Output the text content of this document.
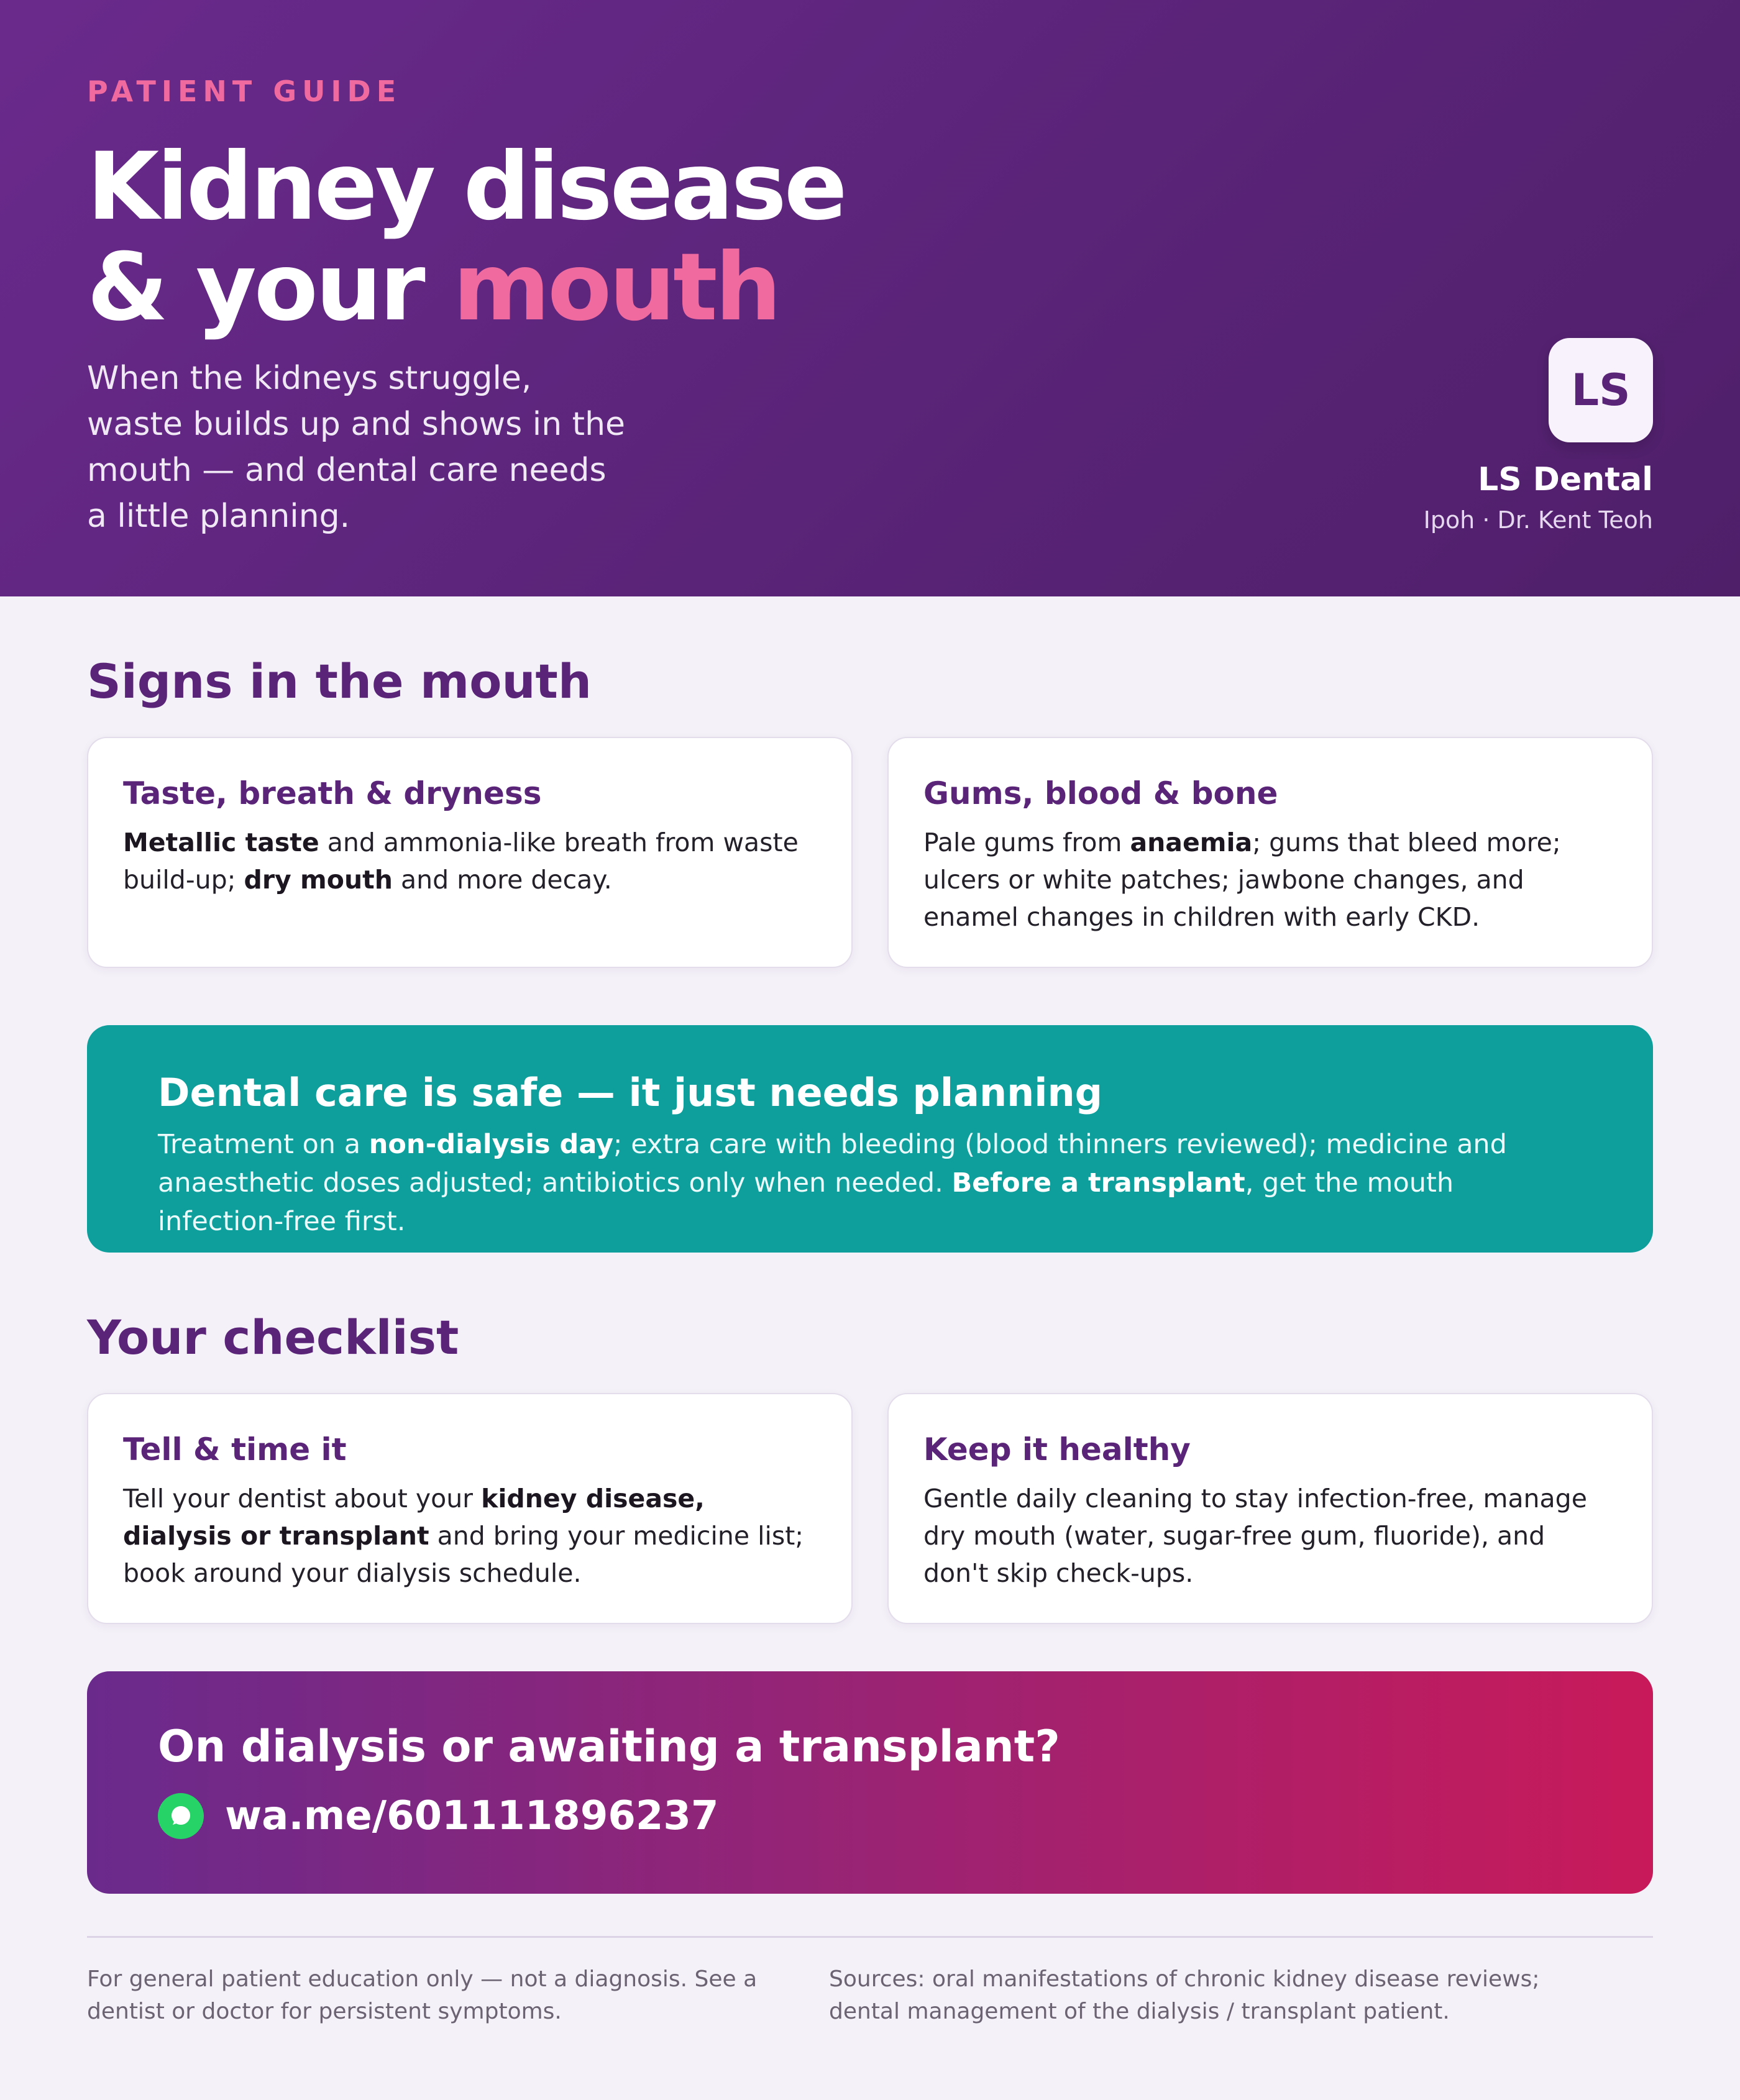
PATIENT GUIDE
Kidney disease
& your mouth
When the kidneys struggle, waste builds up and shows in the mouth — and dental care needs a little planning.
LS
LS Dental
Ipoh · Dr. Kent Teoh
Signs in the mouth
Taste, breath & dryness

Metallic taste and ammonia-like breath from waste build-up; dry mouth and more decay.

Gums, blood & bone

Pale gums from anaemia; gums that bleed more; ulcers or white patches; jawbone changes, and enamel changes in children with early CKD.

Dental care is safe — it just needs planning

Treatment on a non-dialysis day; extra care with bleeding (blood thinners reviewed); medicine and anaesthetic doses adjusted; antibiotics only when needed. Before a transplant, get the mouth infection-free first.

Your checklist
Tell & time it

Tell your dentist about your kidney disease, dialysis or transplant and bring your medicine list; book around your dialysis schedule.

Keep it healthy

Gentle daily cleaning to stay infection-free, manage dry mouth (water, sugar-free gum, fluoride), and don't skip check-ups.

On dialysis or awaiting a transplant?
wa.me/601111896237
For general patient education only — not a diagnosis. See a dentist or doctor for persistent symptoms.
Sources: oral manifestations of chronic kidney disease reviews; dental management of the dialysis / transplant patient.
